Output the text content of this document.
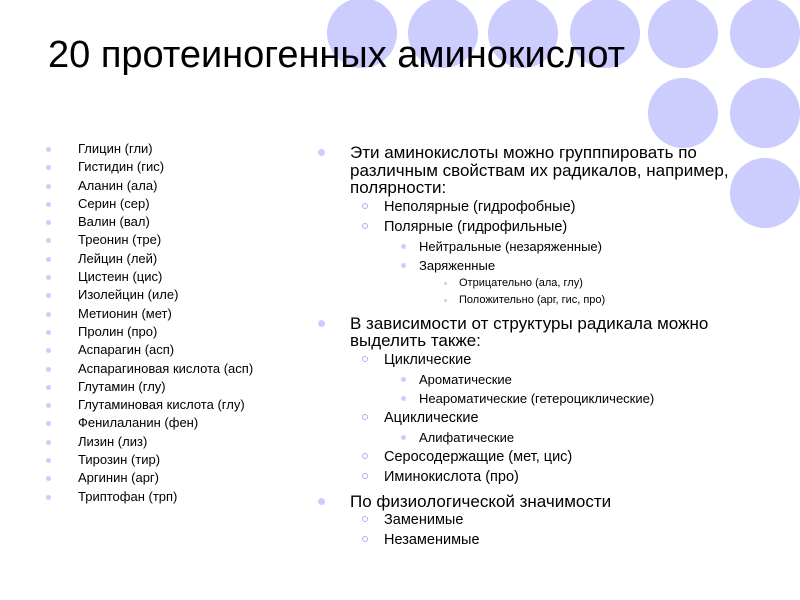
20 протеиногенных аминокислот
Глицин (гли)
Гистидин (гис)
Аланин (ала)
Серин (сер)
Валин (вал)
Треонин (тре)
Лейцин (лей)
Цистеин (цис)
Изолейцин (иле)
Метионин (мет)
Пролин (про)
Аспарагин (асп)
Аспарагиновая кислота (асп)
Глутамин (глу)
Глутаминовая кислота (глу)
Фенилаланин (фен)
Лизин (лиз)
Тирозин (тир)
Аргинин (арг)
Триптофан (трп)
Эти аминокислоты можно групппировать по различным свойствам их радикалов, например, полярности:
Неполярные (гидрофобные)
Полярные (гидрофильные)
Нейтральные (незаряженные)
Заряженные
Отрицательно (ала, глу)
Положительно (арг, гис, про)
В зависимости от структуры радикала можно выделить также:
Циклические
Ароматические
Неароматические (гетероциклические)
Ациклические
Алифатические
Серосодержащие (мет, цис)
Иминокислота (про)
По физиологической значимости
Заменимые
Незаменимые
